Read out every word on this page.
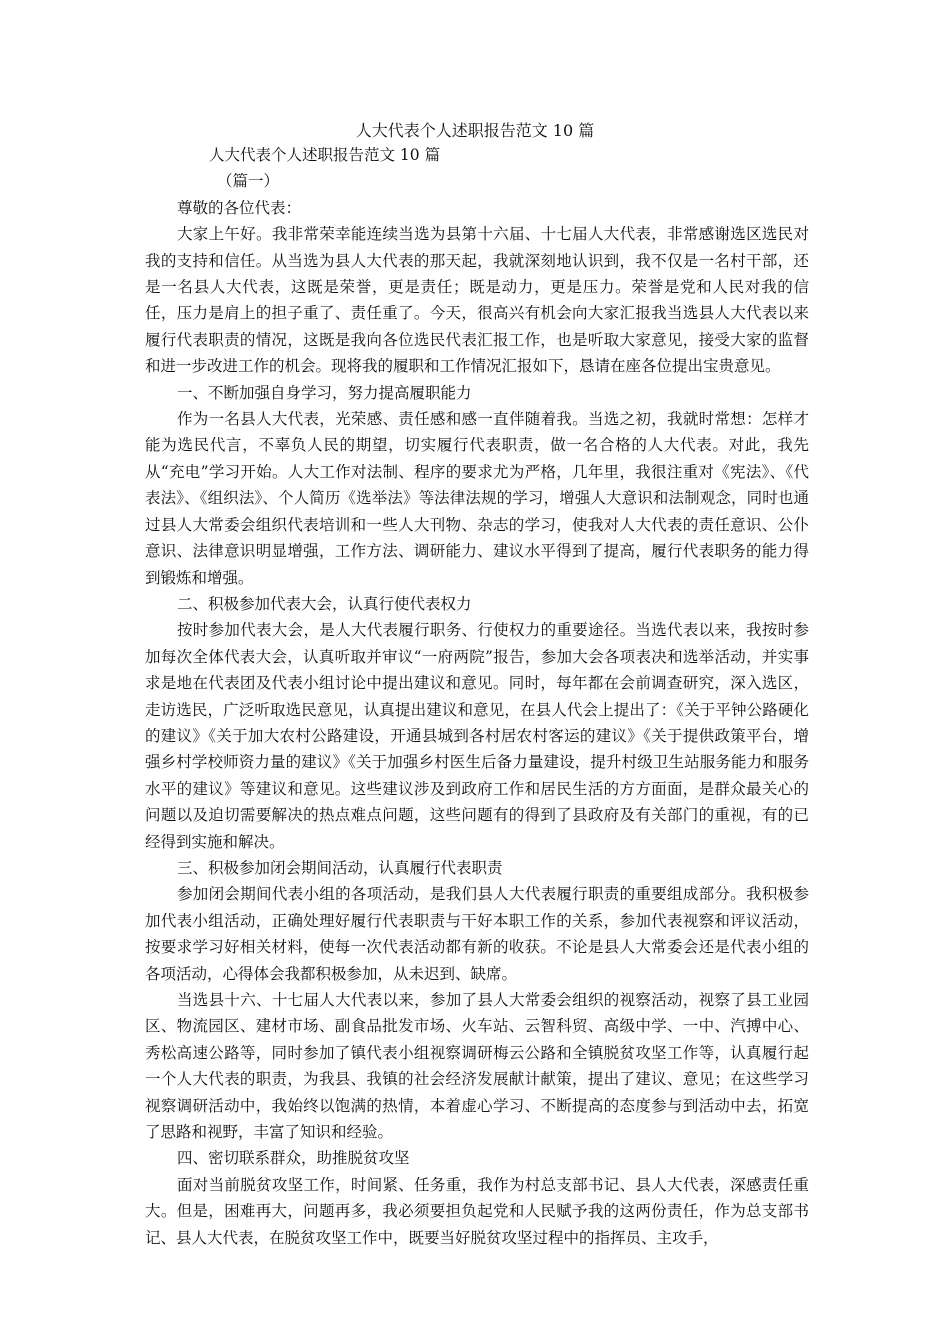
人大代表个人述职报告范文 10 篇

人大代表个人述职报告范文 10 篇

（篇一）

尊敬的各位代表：

大家上午好。我非常荣幸能连续当选为县第十六届、十七届人大代表，非常感谢选区选民对我的支持和信任。从当选为县人大代表的那天起，我就深刻地认识到，我不仅是一名村干部，还是一名县人大代表，这既是荣誉，更是责任；既是动力，更是压力。荣誉是党和人民对我的信任，压力是肩上的担子重了、责任重了。今天，很高兴有机会向大家汇报我当选县人大代表以来履行代表职责的情况，这既是我向各位选民代表汇报工作，也是听取大家意见，接受大家的监督和进一步改进工作的机会。现将我的履职和工作情况汇报如下，恳请在座各位提出宝贵意见。

一、不断加强自身学习，努力提高履职能力

作为一名县人大代表，光荣感、责任感和感一直伴随着我。当选之初，我就时常想：怎样才能为选民代言，不辜负人民的期望，切实履行代表职责，做一名合格的人大代表。对此，我先从“充电”学习开始。人大工作对法制、程序的要求尤为严格，几年里，我很注重对《宪法》、《代表法》、《组织法》、个人简历《选举法》等法律法规的学习，增强人大意识和法制观念，同时也通过县人大常委会组织代表培训和一些人大刊物、杂志的学习，使我对人大代表的责任意识、公仆意识、法律意识明显增强，工作方法、调研能力、建议水平得到了提高，履行代表职务的能力得到锻炼和增强。

二、积极参加代表大会，认真行使代表权力

按时参加代表大会，是人大代表履行职务、行使权力的重要途径。当选代表以来，我按时参加每次全体代表大会，认真听取并审议“一府两院”报告，参加大会各项表决和选举活动，并实事求是地在代表团及代表小组讨论中提出建议和意见。同时，每年都在会前调查研究，深入选区，走访选民，广泛听取选民意见，认真提出建议和意见，在县人代会上提出了：《关于平钟公路硬化的建议》《关于加大农村公路建设，开通县城到各村居农村客运的建议》《关于提供政策平台，增强乡村学校师资力量的建议》《关于加强乡村医生后备力量建设，提升村级卫生站服务能力和服务水平的建议》等建议和意见。这些建议涉及到政府工作和居民生活的方方面面，是群众最关心的问题以及迫切需要解决的热点难点问题，这些问题有的得到了县政府及有关部门的重视，有的已经得到实施和解决。

三、积极参加闭会期间活动，认真履行代表职责

参加闭会期间代表小组的各项活动，是我们县人大代表履行职责的重要组成部分。我积极参加代表小组活动，正确处理好履行代表职责与干好本职工作的关系，参加代表视察和评议活动，按要求学习好相关材料，使每一次代表活动都有新的收获。不论是县人大常委会还是代表小组的各项活动，心得体会我都积极参加，从未迟到、缺席。

当选县十六、十七届人大代表以来，参加了县人大常委会组织的视察活动，视察了县工业园区、物流园区、建材市场、副食品批发市场、火车站、云智科贸、高级中学、一中、汽搏中心、秀松高速公路等，同时参加了镇代表小组视察调研梅云公路和全镇脱贫攻坚工作等，认真履行起一个人大代表的职责，为我县、我镇的社会经济发展献计献策，提出了建议、意见；在这些学习视察调研活动中，我始终以饱满的热情，本着虚心学习、不断提高的态度参与到活动中去，拓宽了思路和视野，丰富了知识和经验。

四、密切联系群众，助推脱贫攻坚

面对当前脱贫攻坚工作，时间紧、任务重，我作为村总支部书记、县人大代表，深感责任重大。但是，困难再大，问题再多，我必须要担负起党和人民赋予我的这两份责任，作为总支部书记、县人大代表，在脱贫攻坚工作中，既要当好脱贫攻坚过程中的指挥员、主攻手，
